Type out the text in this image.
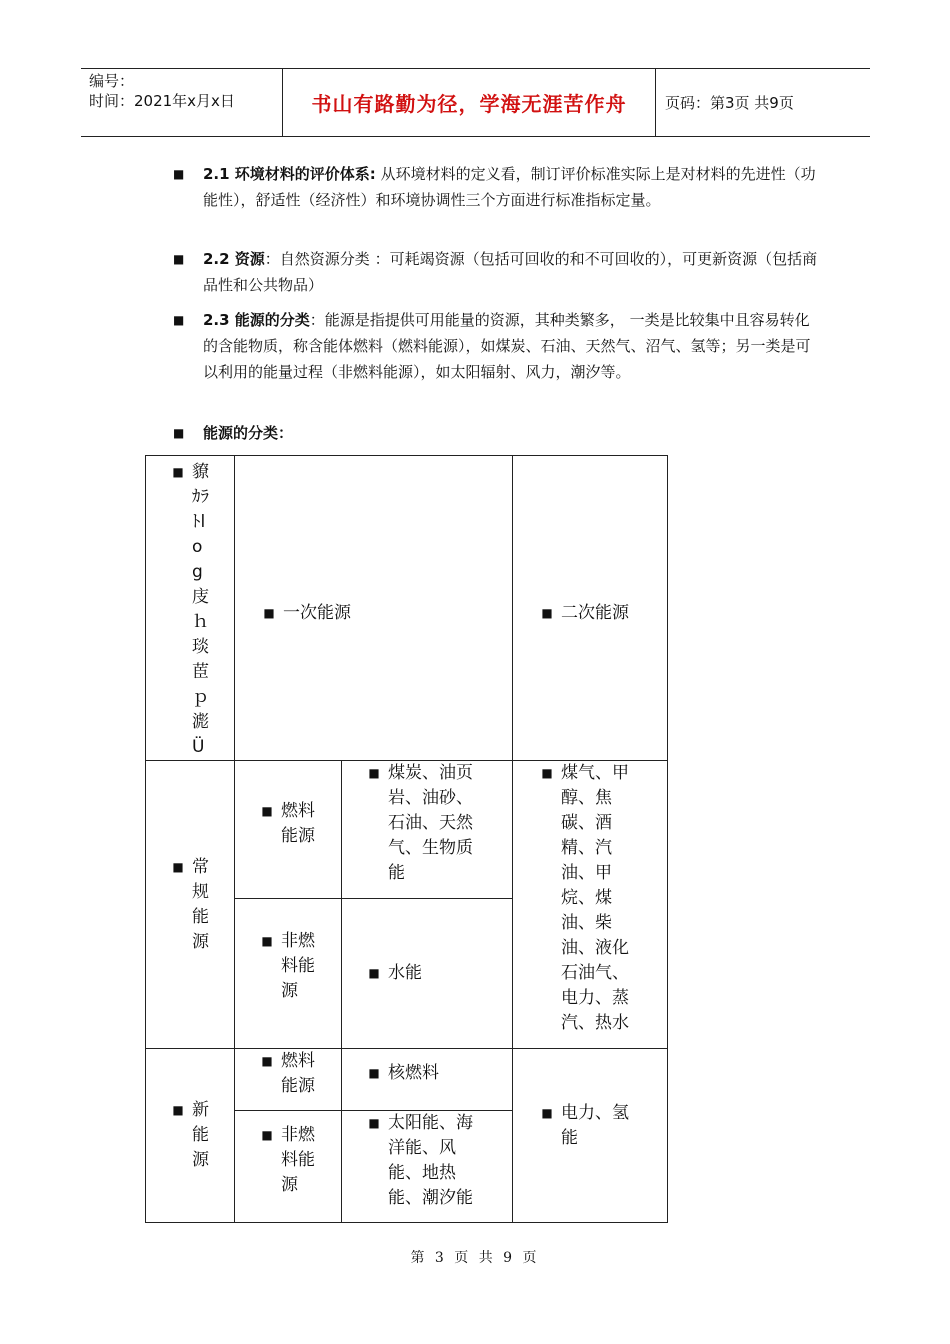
编号：
时间：2021年x月x日	书山有路勤为径，学海无涯苦作舟	页码：第3页 共9页
■ 2.1 环境材料的评价体系: 从环境材料的定义看，制订评价标准实际上是对材料的先进性（功能性），舒适性（经济性）和环境协调性三个方面进行标准指标定量。
■ 2.2 资源：自然资源分类 ：可耗竭资源（包括可回收的和不可回收的），可更新资源（包括商品性和公共物品）
■ 2.3 能源的分类：能源是指提供可用能量的资源，其种类繁多， 一类是比较集中且容易转化的含能物质，称含能体燃料（燃料能源），如煤炭、石油、天然气、沼气、氢等；另一类是可以利用的能量过程（非燃料能源），如太阳辐射、风力，潮汐等。
■ 能源的分类：
■ 䝤ｶﾗﾄlog庋ｈ琰茞ｐ滮Ü	■ 一次能源		■ 二次能源

■ 常规能源	■ 燃料能源	■ 煤炭、油页岩、油砂、石油、天然气、生物质能	■ 煤气、甲醇、焦碳、酒精、汽油、甲烷、煤油、柴油、液化石油气、电力、蒸汽、热水

	■ 非燃料能源	■ 水能	

■ 新能源	■ 燃料能源	■ 核燃料	■ 电力、氢能

	■ 非燃料能源	■ 太阳能、海洋能、风能、地热能、潮汐能	
第 3 页 共 9 页
